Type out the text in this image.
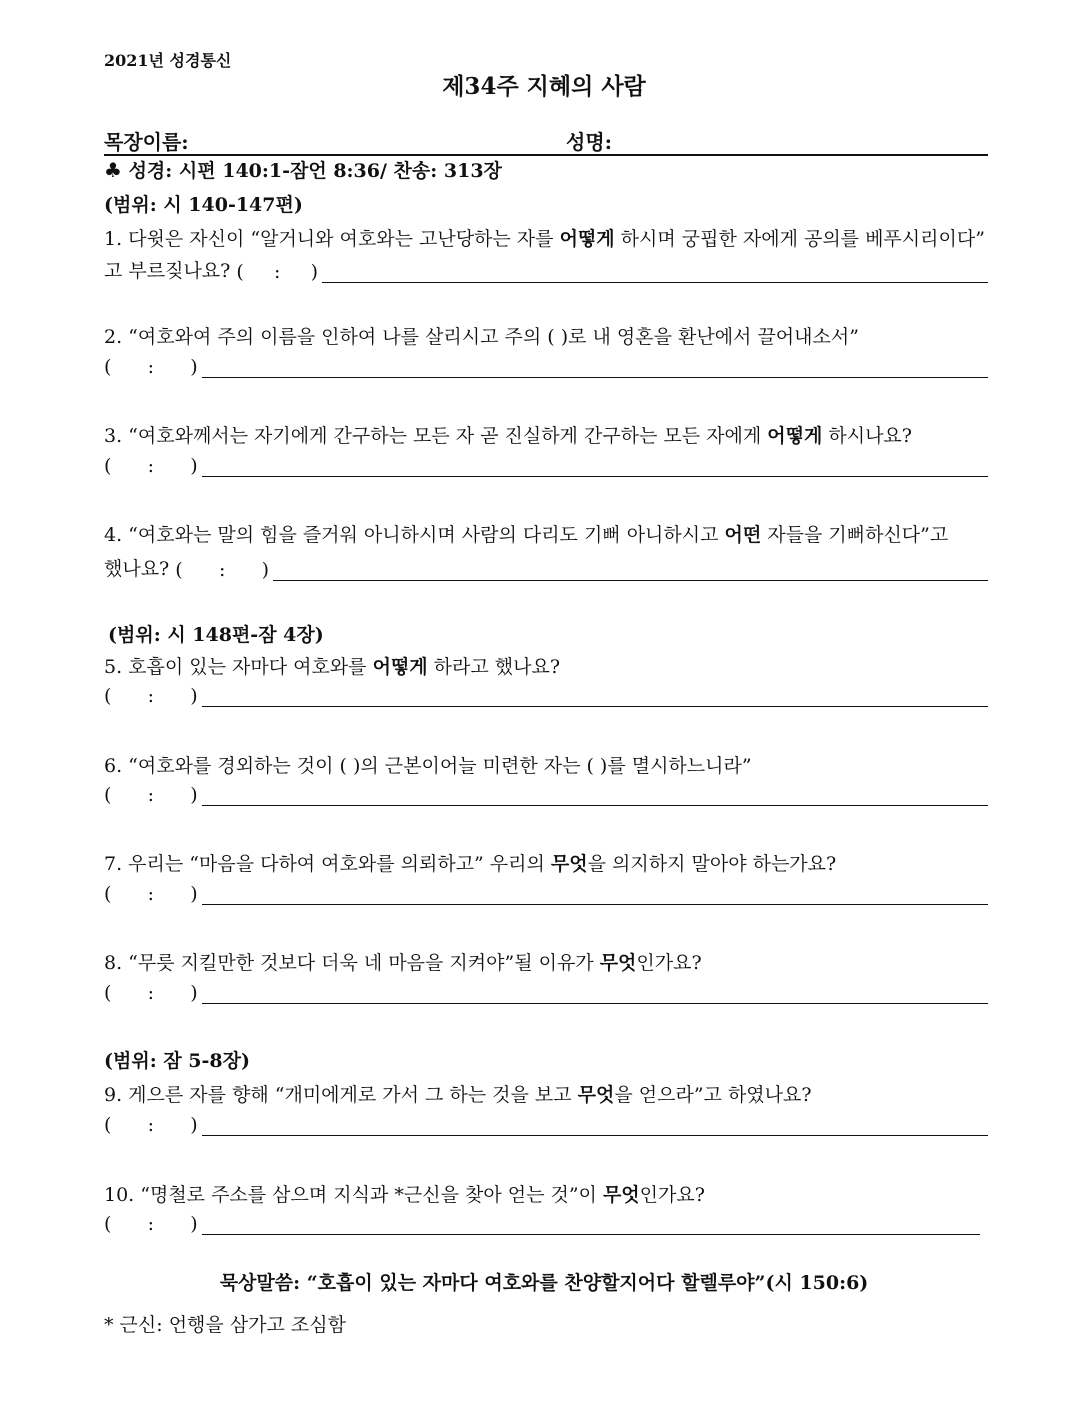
2021년 성경통신
제34주 지혜의 사람
목장이름:	성명:
♣ 성경: 시편 140:1-잠언 8:36/ 찬송: 313장
(범위: 시 140-147편)
1. 다윗은 자신이 “알거니와 여호와는 고난당하는 자를 어떻게 하시며 궁핍한 자에게 공의를 베푸시리이다”
고 부르짖나요? (     :     )
2. “여호와여 주의 이름을 인하여 나를 살리시고 주의 ( )로 내 영혼을 환난에서 끌어내소서”
(      :      )
3. “여호와께서는 자기에게 간구하는 모든 자 곧 진실하게 간구하는 모든 자에게 어떻게 하시나요?
(      :      )
4. “여호와는 말의 힘을 즐거워 아니하시며 사람의 다리도 기뻐 아니하시고 어떤 자들을 기뻐하신다”고
했나요? (      :      )
(범위: 시 148편-잠 4장)
5. 호흡이 있는 자마다 여호와를 어떻게 하라고 했나요?
(      :      )
6. “여호와를 경외하는 것이 ( )의 근본이어늘 미련한 자는 ( )를 멸시하느니라”
(      :      )
7. 우리는 “마음을 다하여 여호와를 의뢰하고” 우리의 무엇을 의지하지 말아야 하는가요?
(      :      )
8. “무릇 지킬만한 것보다 더욱 네 마음을 지켜야”될 이유가 무엇인가요?
(      :      )
(범위: 잠 5-8장)
9. 게으른 자를 향해 “개미에게로 가서 그 하는 것을 보고 무엇을 얻으라”고 하였나요?
(      :      )
10. “명철로 주소를 삼으며 지식과 *근신을 찾아 얻는 것”이 무엇인가요?
(      :      )
묵상말씀: “호흡이 있는 자마다 여호와를 찬양할지어다 할렐루야”(시 150:6)
* 근신: 언행을 삼가고 조심함
